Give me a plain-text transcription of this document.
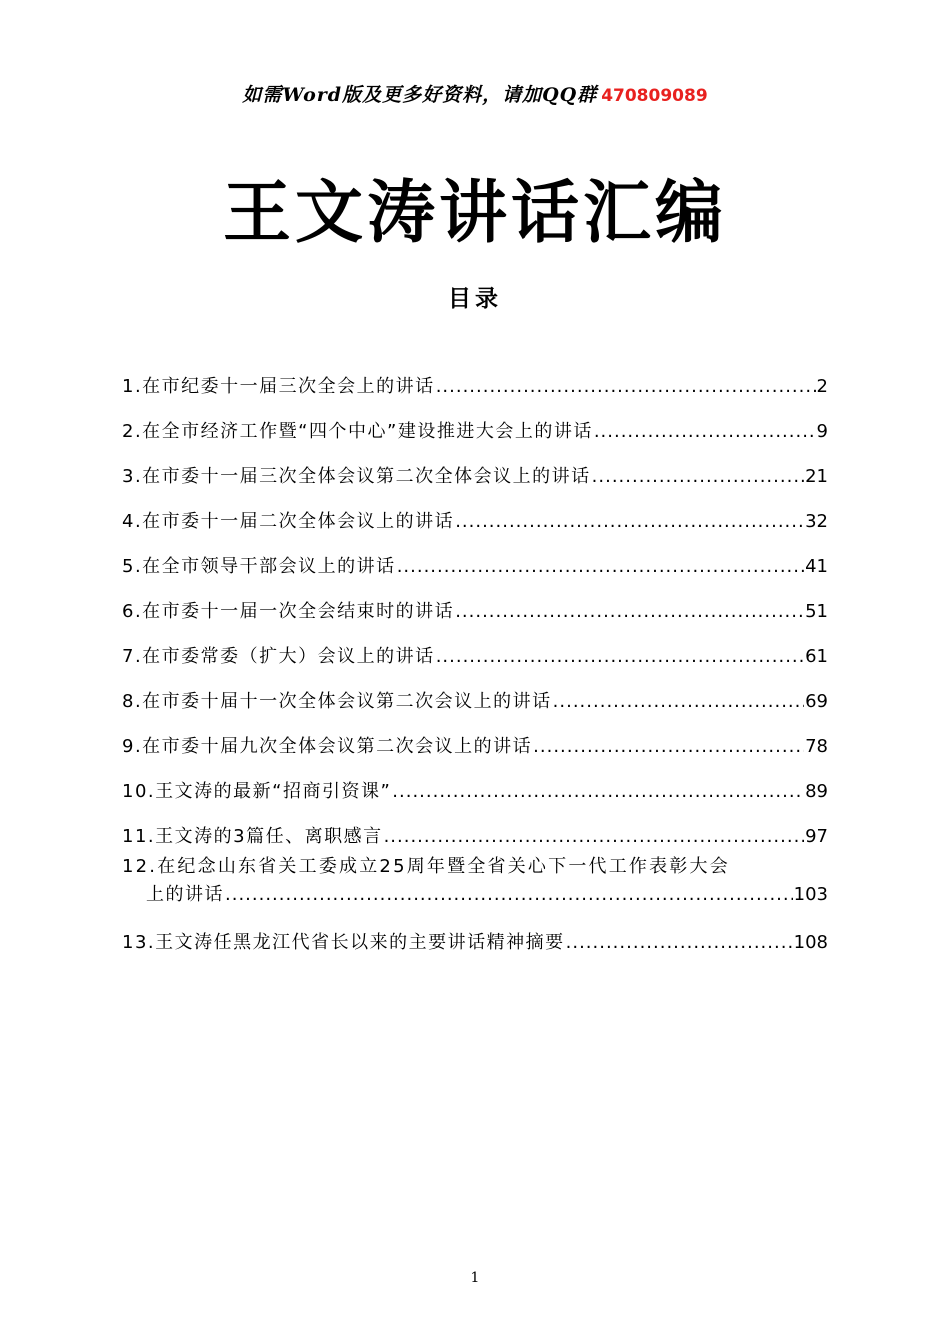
如需Word版及更多好资料，请加QQ群 470809089
王文涛讲话汇编
目录
1.在市纪委十一届三次全会上的讲话 .....	2
2.在全市经济工作暨“四个中心”建设推进大会上的讲话 .....	9
3.在市委十一届三次全体会议第二次全体会议上的讲话 .....	21
4.在市委十一届二次全体会议上的讲话 .....	32
5.在全市领导干部会议上的讲话 .....	41
6.在市委十一届一次全会结束时的讲话 .....	51
7.在市委常委（扩大）会议上的讲话 .....	61
8.在市委十届十一次全体会议第二次会议上的讲话 .....	69
9.在市委十届九次全体会议第二次会议上的讲话 .....	78
10.王文涛的最新“招商引资课” .....	89
11.王文涛的3篇任、离职感言 .....	97
12.在纪念山东省关工委成立25周年暨全省关心下一代工作表彰大会
上的讲话 .....	103
13.王文涛任黑龙江代省长以来的主要讲话精神摘要 .....	108
1
